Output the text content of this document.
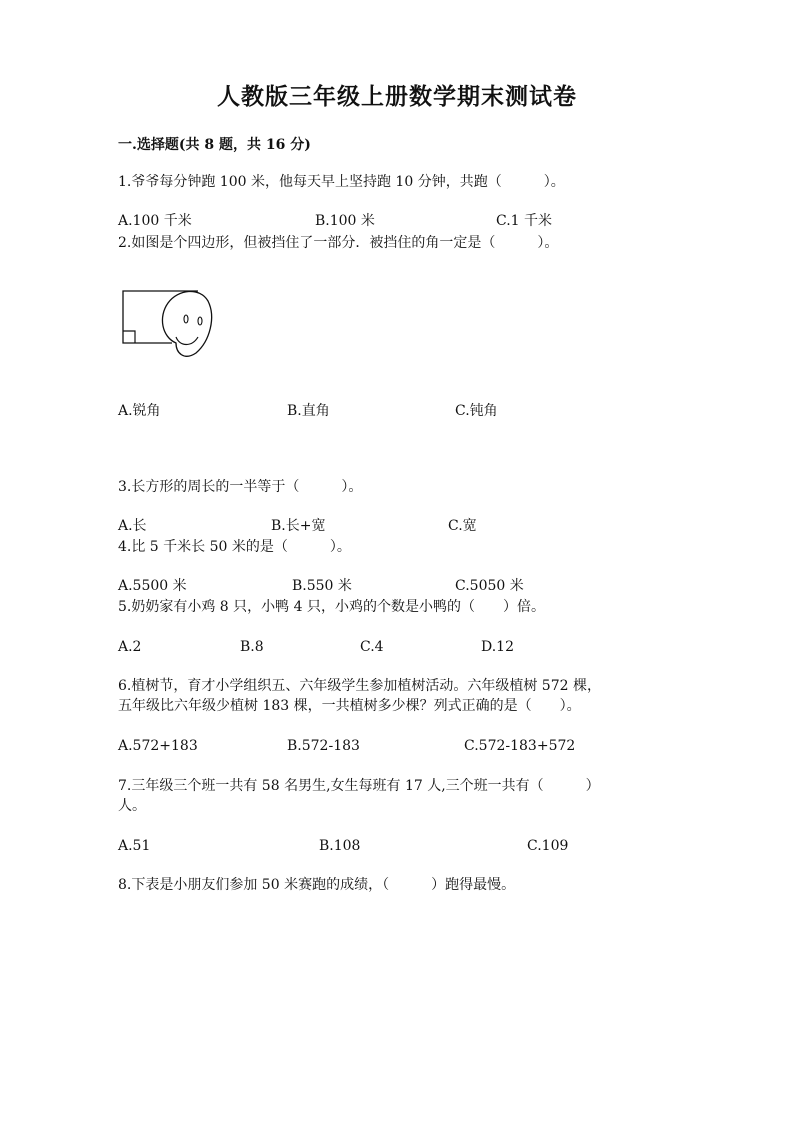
人教版三年级上册数学期末测试卷
一.选择题(共 8 题，共 16 分)
1.爷爷每分钟跑 100 米，他每天早上坚持跑 10 分钟，共跑（　　　）。
A.100 千米	B.100 米	C.1 千米
2.如图是个四边形，但被挡住了一部分．被挡住的角一定是（　　　）。
A.锐角	B.直角	C.钝角
3.长方形的周长的一半等于（　　　）。
A.长	B.长+宽	C.宽
4.比 5 千米长 50 米的是（　　　）。
A.5500 米	B.550 米	C.5050 米
5.奶奶家有小鸡 8 只，小鸭 4 只，小鸡的个数是小鸭的（　　）倍。
A.2	B.8	C.4	D.12
6.植树节，育才小学组织五、六年级学生参加植树活动。六年级植树 572 棵，
五年级比六年级少植树 183 棵，一共植树多少棵？列式正确的是（　　）。
A.572+183	B.572-183	C.572-183+572
7.三年级三个班一共有 58 名男生,女生每班有 17 人,三个班一共有（　　　）
人。
A.51	B.108	C.109
8.下表是小朋友们参加 50 米赛跑的成绩，（　　　）跑得最慢。
